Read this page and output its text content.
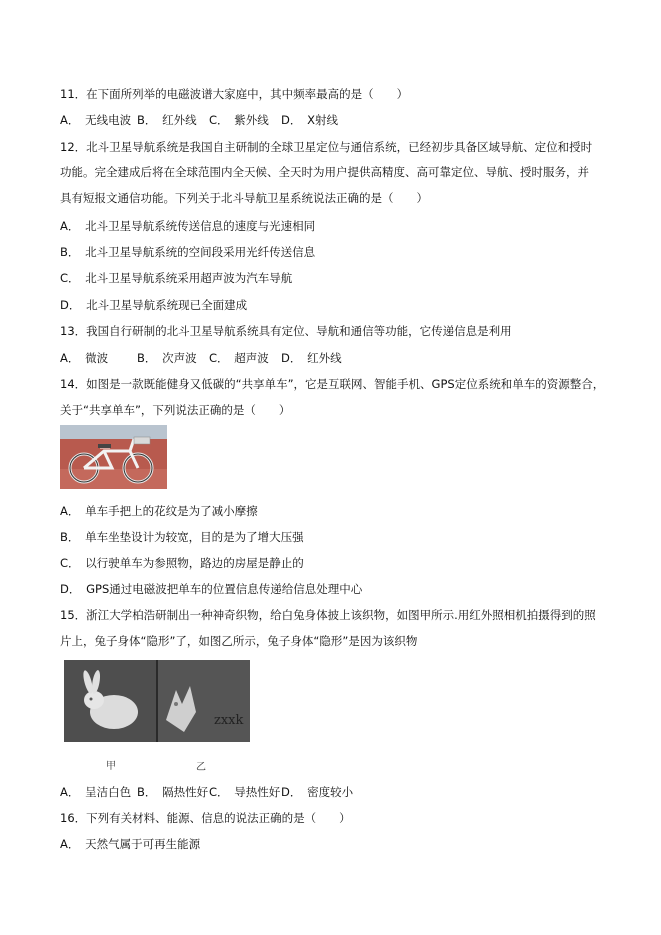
11．在下面所列举的电磁波谱大家庭中，其中频率最高的是（　　）
A．　无线电波 B．　红外线 C．　紫外线 D．　X射线
12．北斗卫星导航系统是我国自主研制的全球卫星定位与通信系统，已经初步具备区域导航、定位和授时
功能。完全建成后将在全球范围内全天候、全天时为用户提供高精度、高可靠定位、导航、授时服务，并
具有短报文通信功能。下列关于北斗导航卫星系统说法正确的是（　　）
A．　北斗卫星导航系统传送信息的速度与光速相同
B．　北斗卫星导航系统的空间段采用光纤传送信息
C．　北斗卫星导航系统采用超声波为汽车导航
D．　北斗卫星导航系统现已全面建成
13．我国自行研制的北斗卫星导航系统具有定位、导航和通信等功能，它传递信息是利用
A．　微波	B．　次声波 C．　超声波 D．　红外线
14．如图是一款既能健身又低碳的“共享单车”，它是互联网、智能手机、GPS定位系统和单车的资源整合，
关于“共享单车”，下列说法正确的是（　　）
A．　单车手把上的花纹是为了减小摩擦
B．　单车坐垫设计为较宽，目的是为了增大压强
C．　以行驶单车为参照物，路边的房屋是静止的
D．　GPS通过电磁波把单车的位置信息传递给信息处理中心
15．浙江大学柏浩研制出一种神奇织物，给白兔身体披上该织物，如图甲所示.用红外照相机拍摄得到的照
片上，兔子身体“隐形”了，如图乙所示，兔子身体“隐形”是因为该织物
zxxk
甲	乙
A．　呈洁白色 B．　隔热性好C．　导热性好D．　密度较小
16．下列有关材料、能源、信息的说法正确的是（　　）
A．　天然气属于可再生能源
